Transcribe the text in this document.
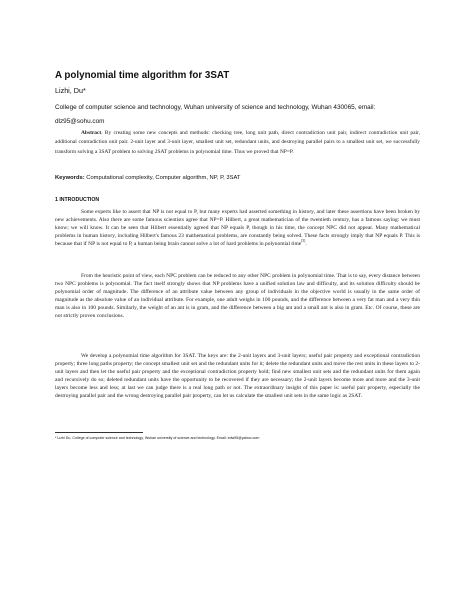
A polynomial time algorithm for 3SAT
Lizhi, Du*
College of computer science and technology, Wuhan university of science and technology, Wuhan 430065, email: dlz95@sohu.com
Abstract. By creating some new concepts and methods: checking tree, long unit path, direct contradiction unit pair, indirect contradiction unit pair, additional contradiction unit pair. 2-unit layer and 3-unit layer, smallest unit set, redundant units, and destroying parallel pairs to a smallest unit set, we successfully transform solving a 3SAT problem to solving 2SAT problems in polynomial time. Thus we proved that NP=P.
Keywords: Computational complexity, Computer algorithm, NP, P, 3SAT
1 INTRODUCTION
Some experts like to assert that NP is not equal to P, but many experts had asserted something in history, and later these assertions have been broken by new achievements. Also there are some famous scientists agree that NP=P. Hilbert, a great mathematician of the twentieth century, has a famous saying: we must know; we will know. It can be seen that Hilbert essentially agreed that NP equals P, though in his time, the concept NPC did not appear. Many mathematical problems in human history, including Hilbert's famous 23 mathematical problems, are constantly being solved. These facts strongly imply that NP equals P. This is because that if NP is not equal to P, a human being brain cannot solve a lot of hard problems in polynomial time[5].
From the heuristic point of view, each NPC problem can be reduced to any other NPC problem in polynomial time. That is to say, every distance between two NPC problems is polynomial. The fact itself strongly shows that NP problems have a unified solution law and difficulty, and its solution difficulty should be polynomial order of magnitude. The difference of an attribute value between any group of individuals in the objective world is usually in the same order of magnitude as the absolute value of an individual attribute. For example, one adult weighs in 100 pounds, and the difference between a very fat man and a very thin man is also in 100 pounds. Similarly, the weight of an ant is in gram, and the difference between a big ant and a small ant is also in gram. Etc. Of course, these are not strictly proven conclusions.
We develop a polynomial time algorithm for 3SAT. The keys are: the 2-unit layers and 3-unit layers; useful pair property and exceptional contradiction property; three long paths property; the concept smallest unit set and the redundant units for it; delete the redundant units and move the rest units in these layers to 2-unit layers and then let the useful pair property and the exceptional contradiction property hold; find new smallest unit sets and the redundant units for them again and recursively do so; deleted redundant units have the opportunity to be recovered if they are necessary; the 2-unit layers become more and more and the 3-unit layers become less and less; at last we can judge there is a real long path or not. The extraordinary insight of this paper is: useful pair property, especially the destroying parallel pair and the wrong destroying parallel pair property, can let us calculate the smallest unit sets in the same logic as 2SAT.
* Lizhi Du, College of computer science and technology, Wuhan university of science and technology. Email: edw95@yahoo.com
